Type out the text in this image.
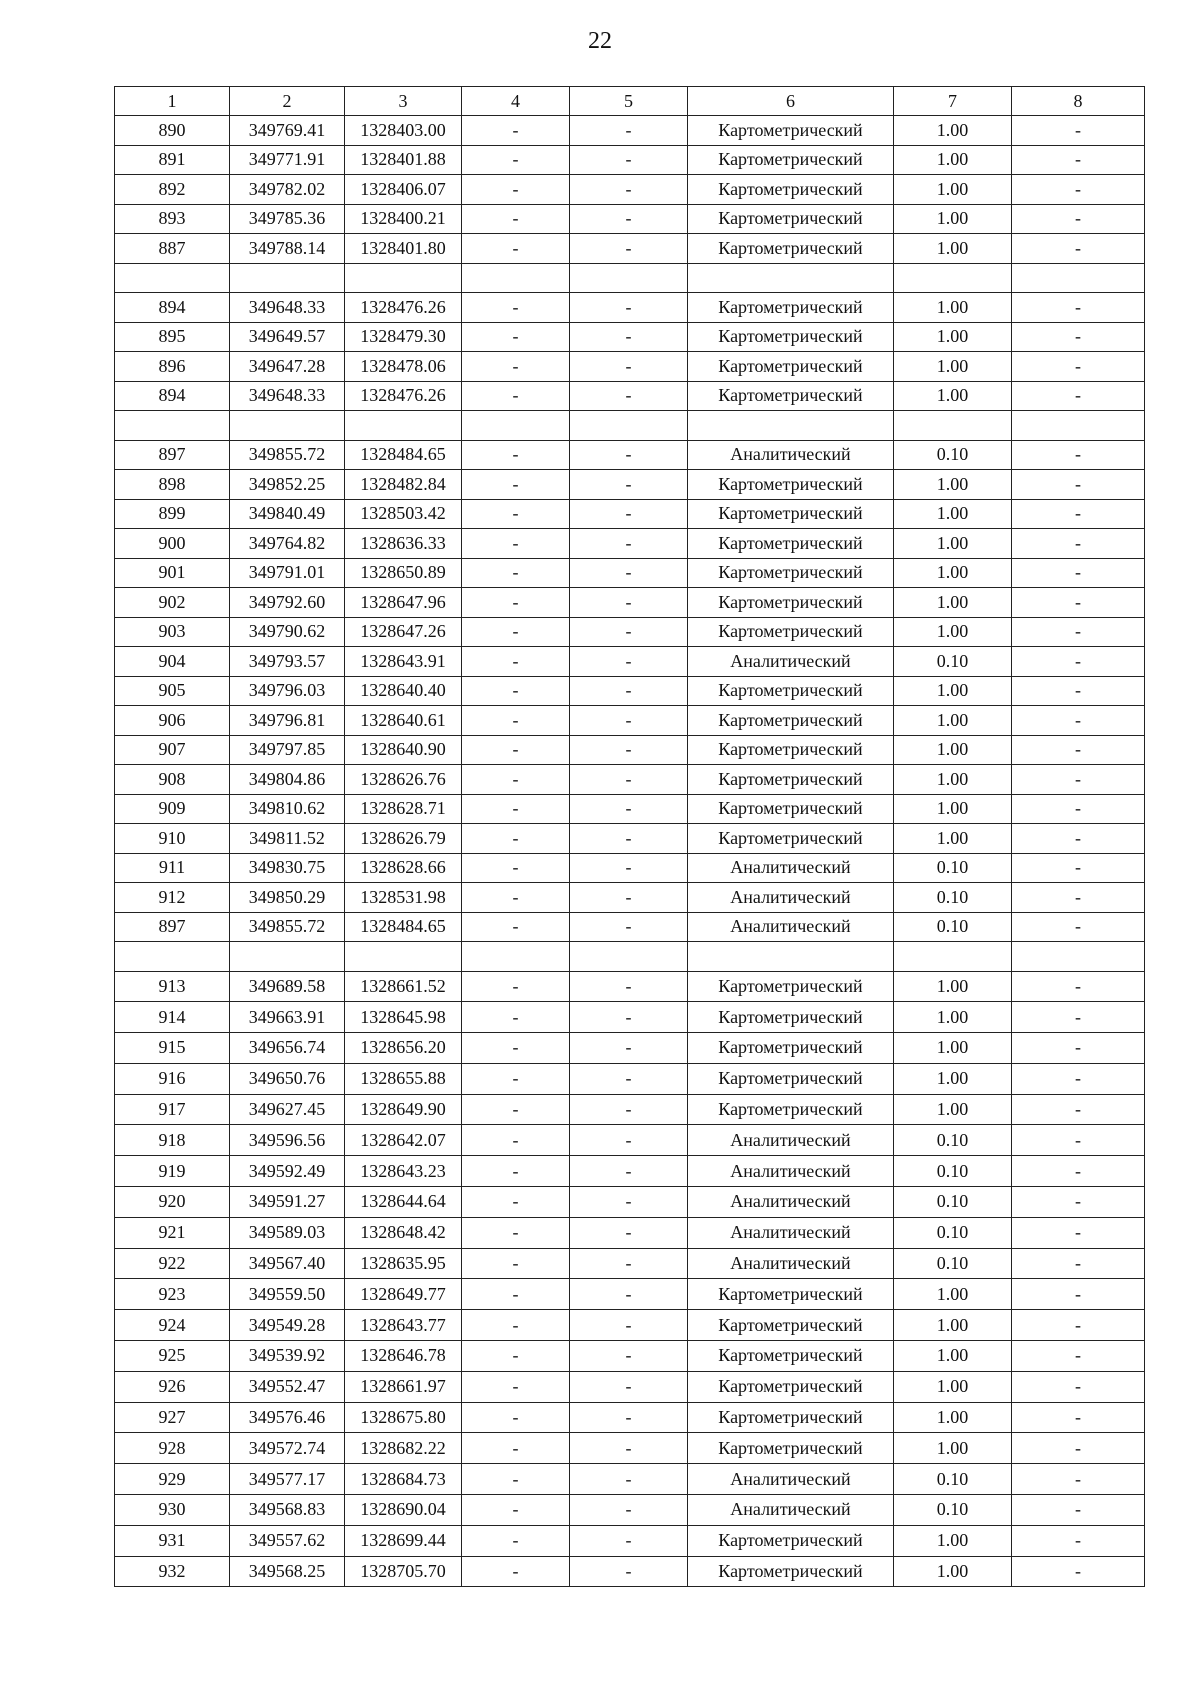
22
1	2	3	4	5	6	7	8
890	349769.41	1328403.00	-	-	Картометрический	1.00	-
891	349771.91	1328401.88	-	-	Картометрический	1.00	-
892	349782.02	1328406.07	-	-	Картометрический	1.00	-
893	349785.36	1328400.21	-	-	Картометрический	1.00	-
887	349788.14	1328401.80	-	-	Картометрический	1.00	-

894	349648.33	1328476.26	-	-	Картометрический	1.00	-
895	349649.57	1328479.30	-	-	Картометрический	1.00	-
896	349647.28	1328478.06	-	-	Картометрический	1.00	-
894	349648.33	1328476.26	-	-	Картометрический	1.00	-

897	349855.72	1328484.65	-	-	Аналитический	0.10	-
898	349852.25	1328482.84	-	-	Картометрический	1.00	-
899	349840.49	1328503.42	-	-	Картометрический	1.00	-
900	349764.82	1328636.33	-	-	Картометрический	1.00	-
901	349791.01	1328650.89	-	-	Картометрический	1.00	-
902	349792.60	1328647.96	-	-	Картометрический	1.00	-
903	349790.62	1328647.26	-	-	Картометрический	1.00	-
904	349793.57	1328643.91	-	-	Аналитический	0.10	-
905	349796.03	1328640.40	-	-	Картометрический	1.00	-
906	349796.81	1328640.61	-	-	Картометрический	1.00	-
907	349797.85	1328640.90	-	-	Картометрический	1.00	-
908	349804.86	1328626.76	-	-	Картометрический	1.00	-
909	349810.62	1328628.71	-	-	Картометрический	1.00	-
910	349811.52	1328626.79	-	-	Картометрический	1.00	-
911	349830.75	1328628.66	-	-	Аналитический	0.10	-
912	349850.29	1328531.98	-	-	Аналитический	0.10	-
897	349855.72	1328484.65	-	-	Аналитический	0.10	-

913	349689.58	1328661.52	-	-	Картометрический	1.00	-
914	349663.91	1328645.98	-	-	Картометрический	1.00	-
915	349656.74	1328656.20	-	-	Картометрический	1.00	-
916	349650.76	1328655.88	-	-	Картометрический	1.00	-
917	349627.45	1328649.90	-	-	Картометрический	1.00	-
918	349596.56	1328642.07	-	-	Аналитический	0.10	-
919	349592.49	1328643.23	-	-	Аналитический	0.10	-
920	349591.27	1328644.64	-	-	Аналитический	0.10	-
921	349589.03	1328648.42	-	-	Аналитический	0.10	-
922	349567.40	1328635.95	-	-	Аналитический	0.10	-
923	349559.50	1328649.77	-	-	Картометрический	1.00	-
924	349549.28	1328643.77	-	-	Картометрический	1.00	-
925	349539.92	1328646.78	-	-	Картометрический	1.00	-
926	349552.47	1328661.97	-	-	Картометрический	1.00	-
927	349576.46	1328675.80	-	-	Картометрический	1.00	-
928	349572.74	1328682.22	-	-	Картометрический	1.00	-
929	349577.17	1328684.73	-	-	Аналитический	0.10	-
930	349568.83	1328690.04	-	-	Аналитический	0.10	-
931	349557.62	1328699.44	-	-	Картометрический	1.00	-
932	349568.25	1328705.70	-	-	Картометрический	1.00	-
